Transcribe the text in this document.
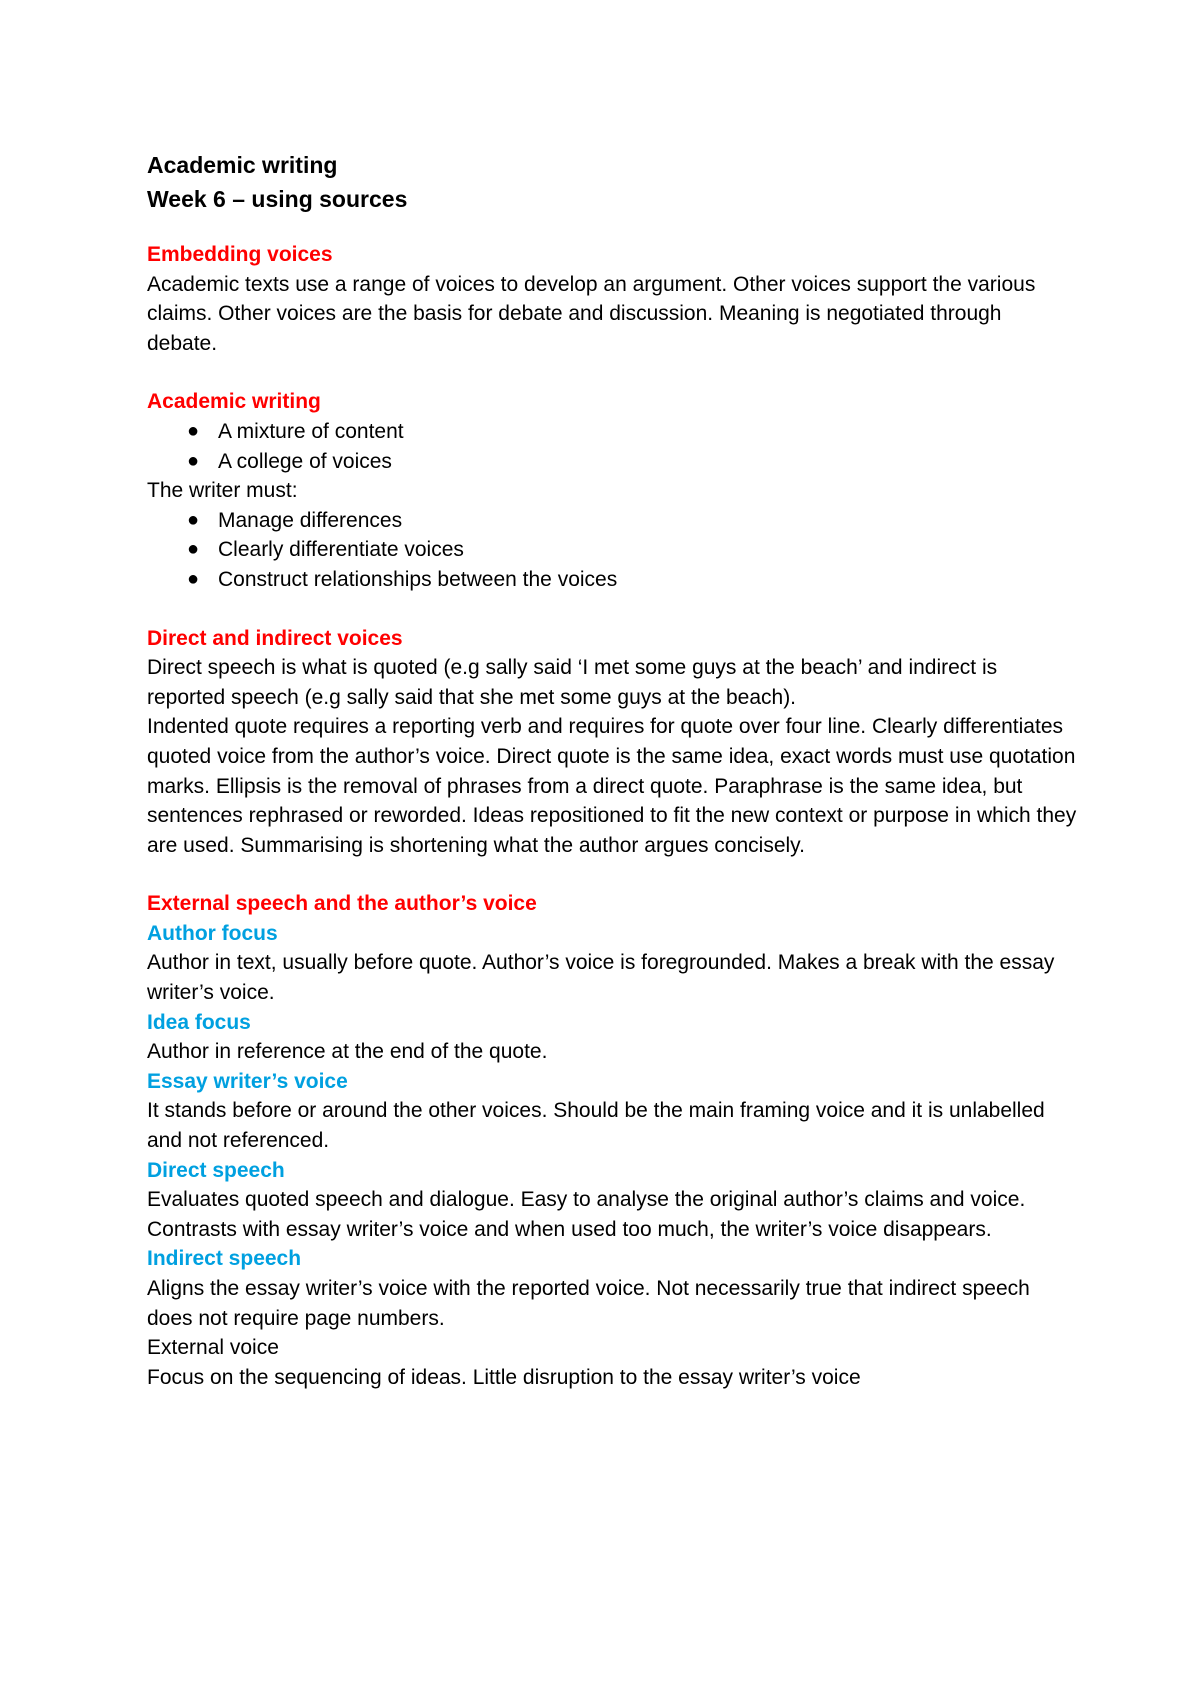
Academic writing

Week 6 – using sources

Embedding voices

Academic texts use a range of voices to develop an argument. Other voices support the various claims. Other voices are the basis for debate and discussion. Meaning is negotiated through debate.

Academic writing

● A mixture of content
● A college of voices

The writer must:

● Manage differences
● Clearly differentiate voices
● Construct relationships between the voices

Direct and indirect voices

Direct speech is what is quoted (e.g sally said ‘I met some guys at the beach’ and indirect is reported speech (e.g sally said that she met some guys at the beach).

Indented quote requires a reporting verb and requires for quote over four line. Clearly differentiates quoted voice from the author’s voice. Direct quote is the same idea, exact words must use quotation marks. Ellipsis is the removal of phrases from a direct quote. Paraphrase is the same idea, but sentences rephrased or reworded. Ideas repositioned to fit the new context or purpose in which they are used. Summarising is shortening what the author argues concisely.

External speech and the author’s voice

Author focus

Author in text, usually before quote. Author’s voice is foregrounded. Makes a break with the essay writer’s voice.

Idea focus

Author in reference at the end of the quote.

Essay writer’s voice

It stands before or around the other voices. Should be the main framing voice and it is unlabelled and not referenced.

Direct speech

Evaluates quoted speech and dialogue. Easy to analyse the original author’s claims and voice. Contrasts with essay writer’s voice and when used too much, the writer’s voice disappears.

Indirect speech

Aligns the essay writer’s voice with the reported voice. Not necessarily true that indirect speech does not require page numbers.

External voice

Focus on the sequencing of ideas. Little disruption to the essay writer’s voice
